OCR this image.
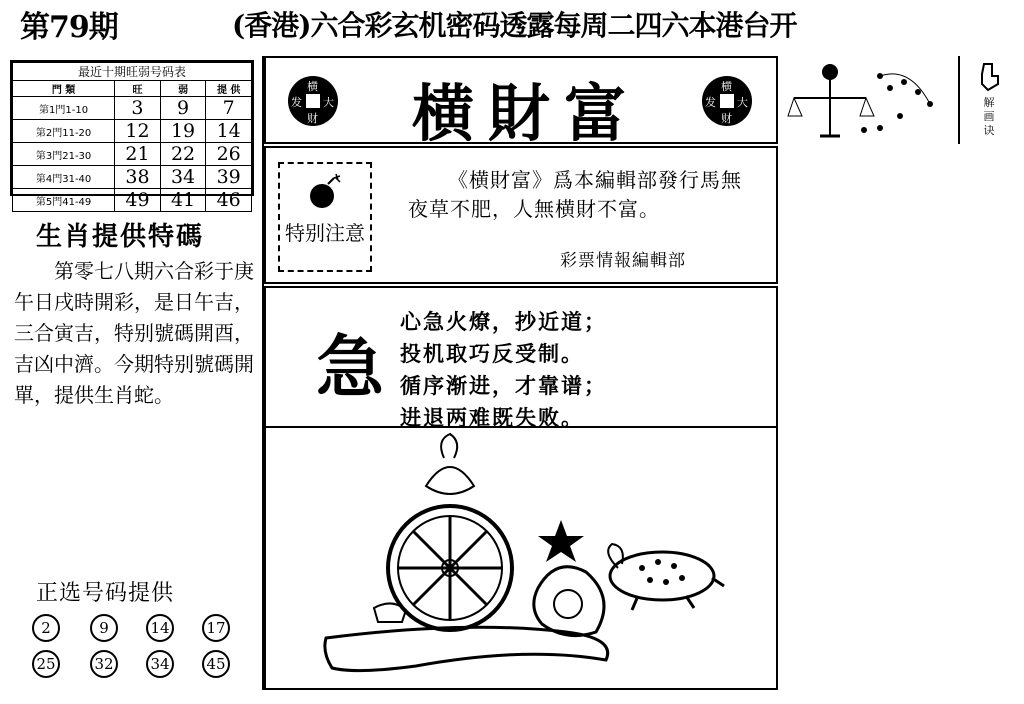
第79期	(香港)六合彩玄机密码透露每周二四六本港台开
最近十期旺弱号码表			
門 類	旺	弱	提 供
第1門1-10	3	9	7
第2門11-20	12	19	14
第3門21-30	21	22	26
第4門31-40	38	34	39
第5門41-49	49	41	46
生肖提供特碼
第零七八期六合彩于庚午日戌時開彩，是日午吉，三合寅吉，特别號碼開酉，吉凶中濟。今期特别號碼開單，提供生肖蛇。
正选号码提供
2	9	14 17
25	32 34 45
横
发 大
财	横財富	横
发 大
财
解画诀
特别注意
《横財富》爲本編輯部發行馬無夜草不肥，人無横財不富。
彩票情報編輯部
急
心急火燎，抄近道；
投机取巧反受制。
循序渐进，才靠谱；
进退两难既失败。
